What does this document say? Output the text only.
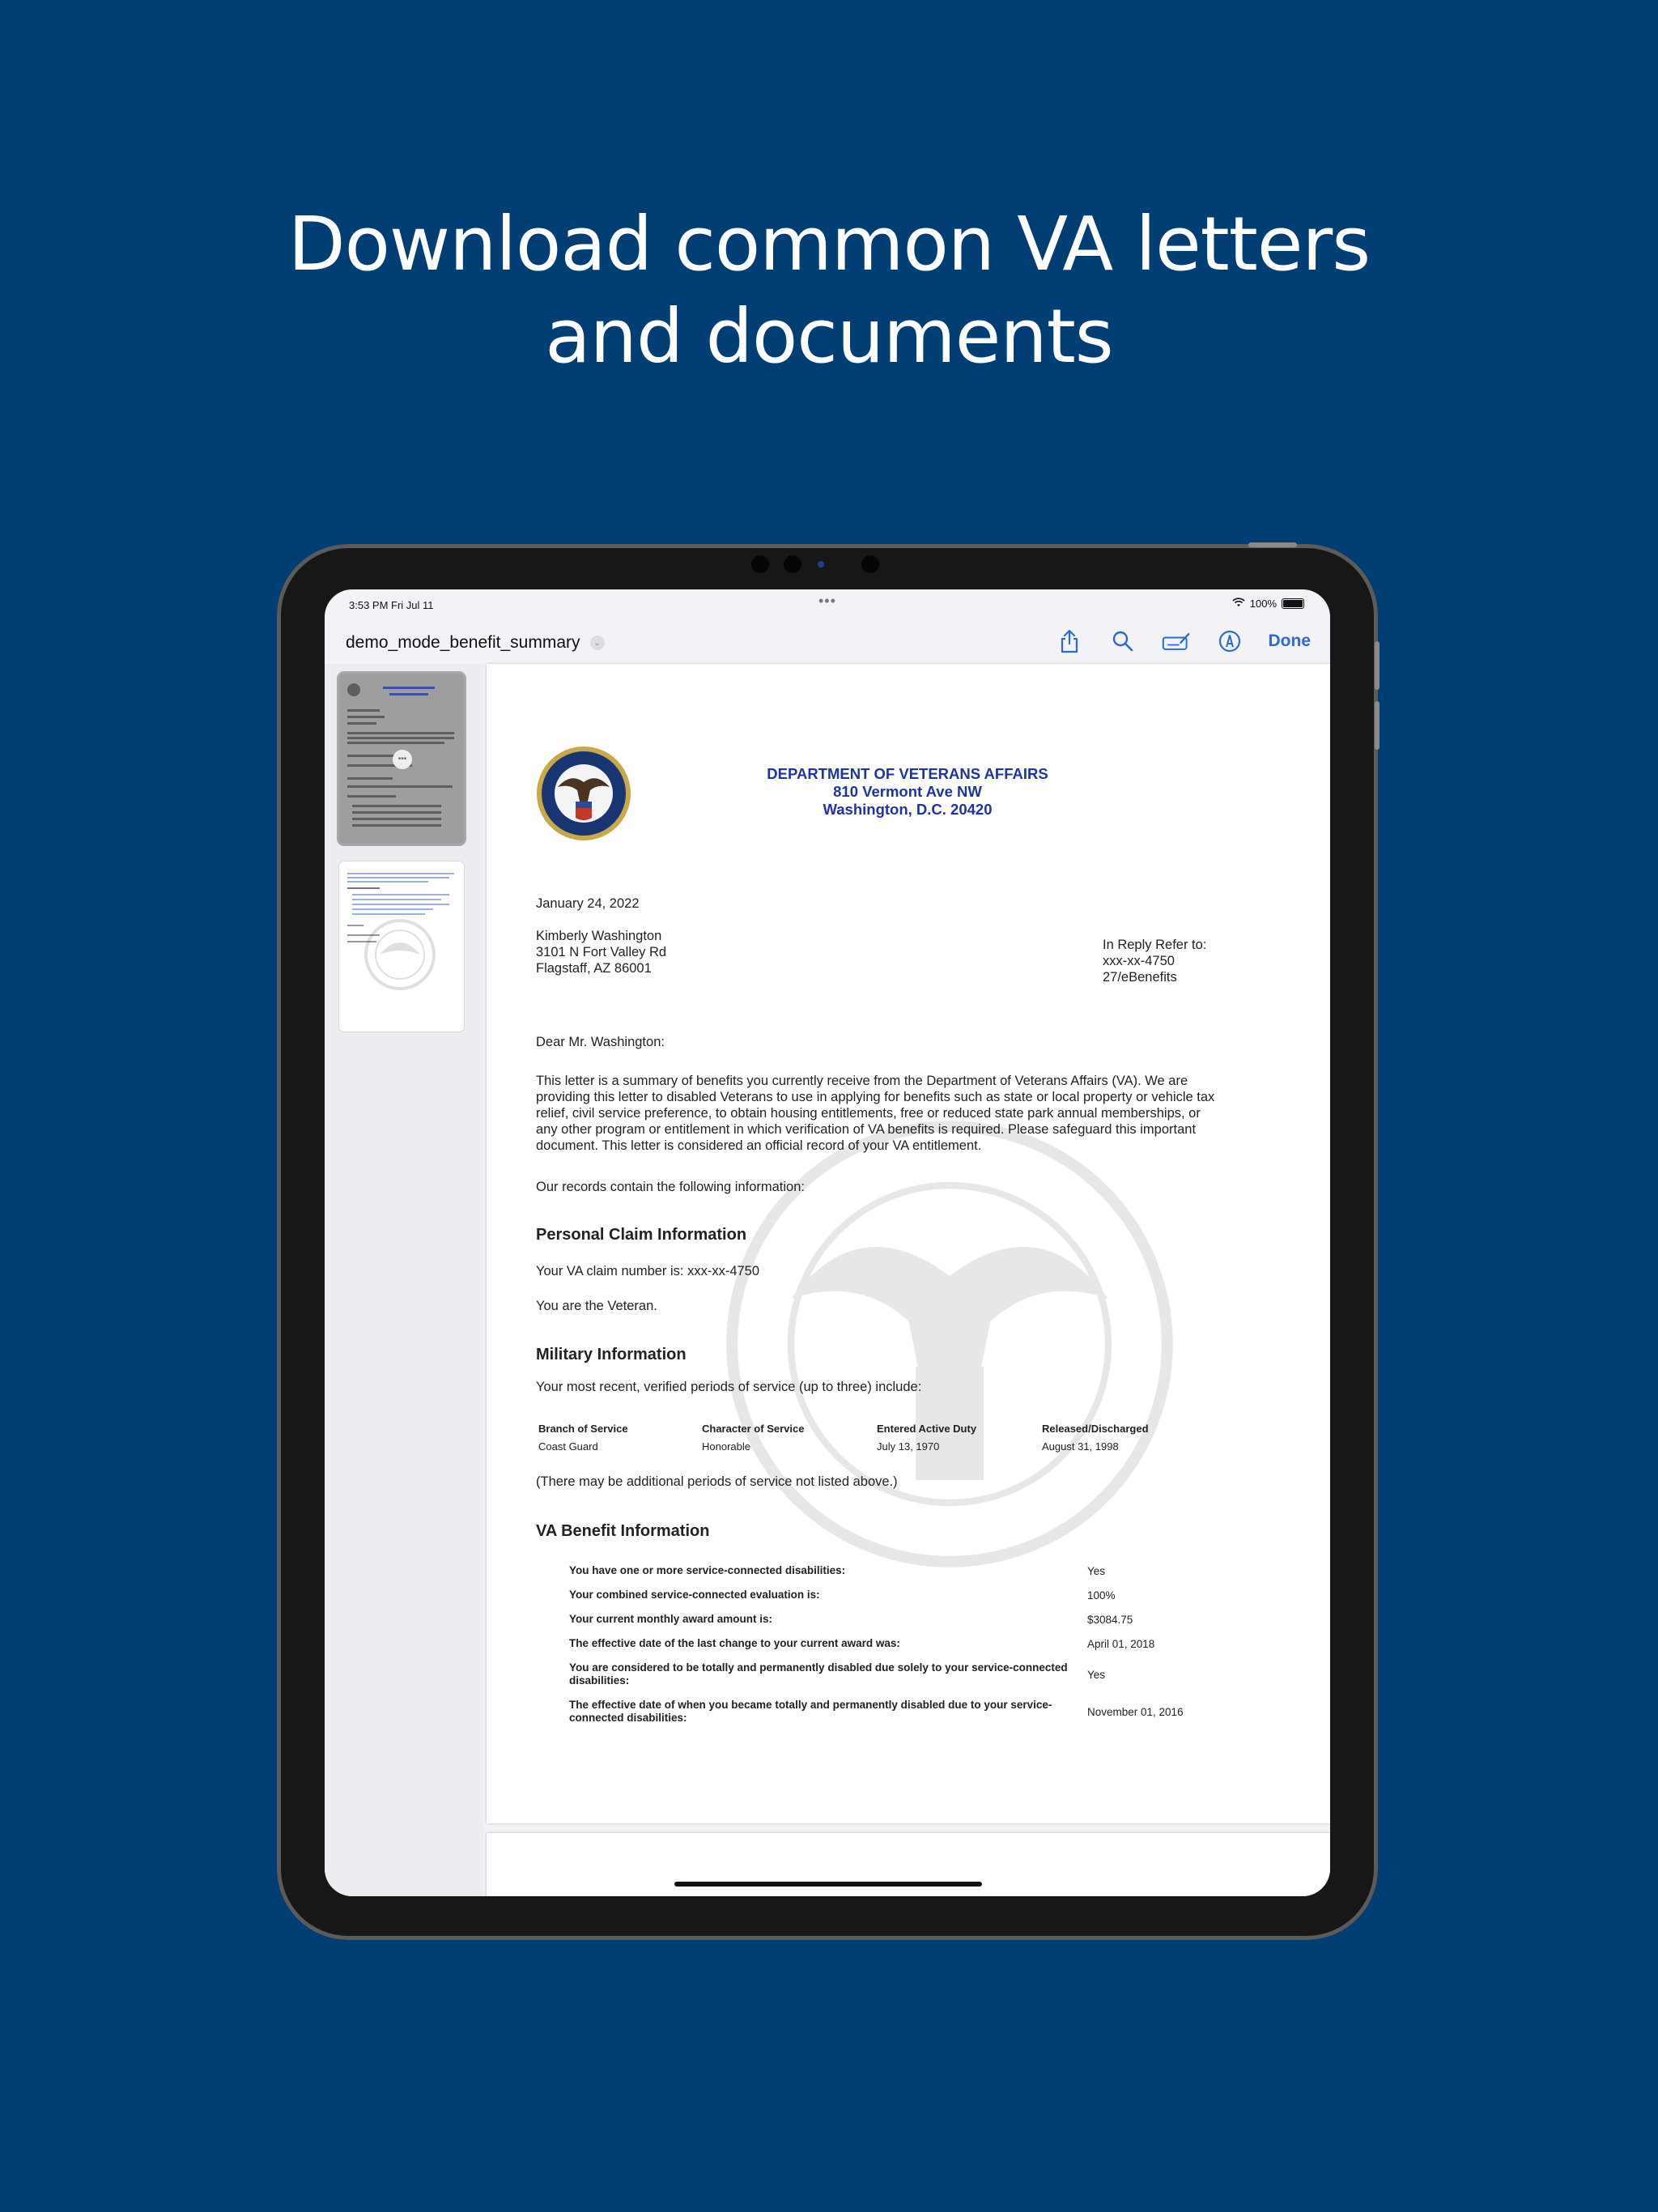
Download common VA letters
and documents
3:53 PM Fri Jul 11	•••	100%
demo_mode_benefit_summary	⌄	Done
•••
DEPARTMENT OF VETERANS AFFAIRS
810 Vermont Ave NW
Washington, D.C. 20420
January 24, 2022
Kimberly Washington
3101 N Fort Valley Rd
Flagstaff, AZ 86001
In Reply Refer to:
xxx-xx-4750
27/eBenefits
Dear Mr. Washington:
This letter is a summary of benefits you currently receive from the Department of Veterans Affairs (VA). We are
providing this letter to disabled Veterans to use in applying for benefits such as state or local property or vehicle tax
relief, civil service preference, to obtain housing entitlements, free or reduced state park annual memberships, or
any other program or entitlement in which verification of VA benefits is required. Please safeguard this important
document. This letter is considered an official record of your VA entitlement.
Our records contain the following information:
Personal Claim Information
Your VA claim number is: xxx-xx-4750
You are the Veteran.
Military Information
Your most recent, verified periods of service (up to three) include:
Branch of Service	Character of Service	Entered Active Duty	Released/Discharged
Coast Guard	Honorable	July 13, 1970	August 31, 1998
(There may be additional periods of service not listed above.)
VA Benefit Information
You have one or more service-connected disabilities:	Yes
Your combined service-connected evaluation is:	100%
Your current monthly award amount is:	$3084.75
The effective date of the last change to your current award was:	April 01, 2018
You are considered to be totally and permanently disabled due solely to your service-connected disabilities:	Yes
The effective date of when you became totally and permanently disabled due to your service-connected disabilities:	November 01, 2016
